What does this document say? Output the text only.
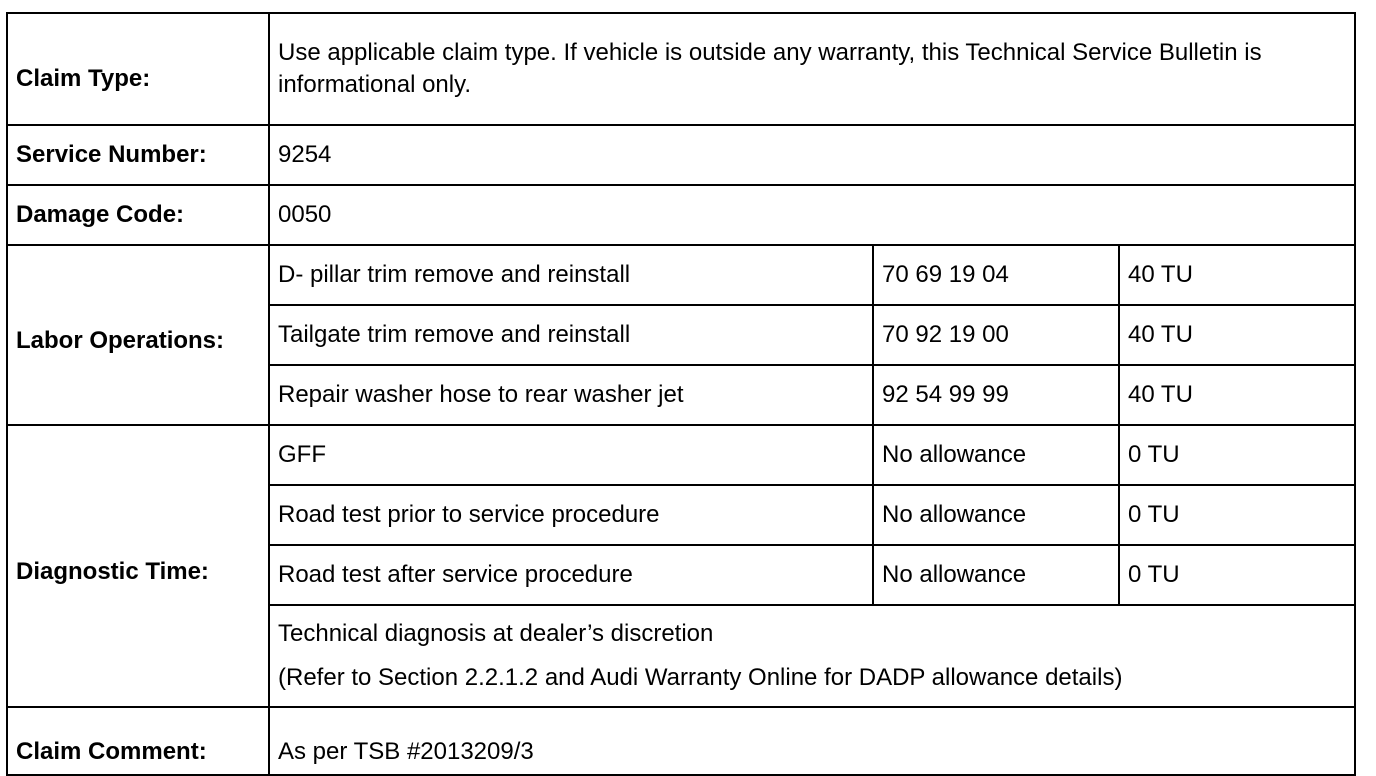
Claim Type:	Use applicable claim type. If vehicle is outside any warranty, this Technical Service Bulletin is informational only.		
Service Number:	9254		
Damage Code:	0050		
Labor Operations:	D- pillar trim remove and reinstall	70 69 19 04	40 TU
	Tailgate trim remove and reinstall	70 92 19 00	40 TU
	Repair washer hose to rear washer jet	92 54 99 99	40 TU
Diagnostic Time:	GFF	No allowance	0 TU
	Road test prior to service procedure	No allowance	0 TU
	Road test after service procedure	No allowance	0 TU

	Technical diagnosis at dealer’s discretion
(Refer to Section 2.2.1.2 and Audi Warranty Online for DADP allowance details)		

Claim Comment:	As per TSB #2013209/3		
